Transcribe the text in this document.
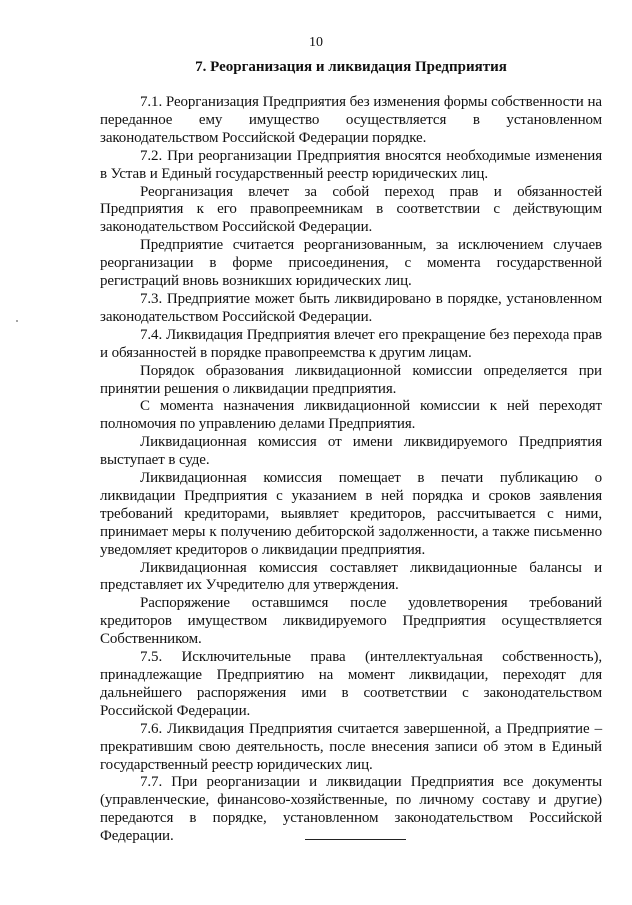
10
7. Реорганизация и ликвидация Предприятия

7.1. Реорганизация Предприятия без изменения формы собственности на переданное ему имущество осуществляется в установленном законодательством Российской Федерации порядке.

7.2. При реорганизации Предприятия вносятся необходимые изменения в Устав и Единый государственный реестр юридических лиц.

Реорганизация влечет за собой переход прав и обязанностей Предприятия к его правопреемникам в соответствии с действующим законодательством Российской Федерации.

Предприятие считается реорганизованным, за исключением случаев реорганизации в форме присоединения, с момента государственной регистраций вновь возникших юридических лиц.

7.3. Предприятие может быть ликвидировано в порядке, установленном законодательством Российской Федерации.

7.4. Ликвидация Предприятия влечет его прекращение без перехода прав и обязанностей в порядке правопреемства к другим лицам.

Порядок образования ликвидационной комиссии определяется при принятии решения о ликвидации предприятия.

С момента назначения ликвидационной комиссии к ней переходят полномочия по управлению делами Предприятия.

Ликвидационная комиссия от имени ликвидируемого Предприятия выступает в суде.

Ликвидационная комиссия помещает в печати публикацию о ликвидации Предприятия с указанием в ней порядка и сроков заявления требований кредиторами, выявляет кредиторов, рассчитывается с ними, принимает меры к получению дебиторской задолженности, а также письменно уведомляет кредиторов о ликвидации предприятия.

Ликвидационная комиссия составляет ликвидационные балансы и представляет их Учредителю для утверждения.

Распоряжение оставшимся после удовлетворения требований кредиторов имуществом ликвидируемого Предприятия осуществляется Собственником.

7.5. Исключительные права (интеллектуальная собственность), принадлежащие Предприятию на момент ликвидации, переходят для дальнейшего распоряжения ими в соответствии с законодательством Российской Федерации.

7.6. Ликвидация Предприятия считается завершенной, а Предприятие – прекратившим свою деятельность, после внесения записи об этом в Единый государственный реестр юридических лиц.

7.7. При реорганизации и ликвидации Предприятия все документы (управленческие, финансово-хозяйственные, по личному составу и другие) передаются в порядке, установленном законодательством Российской Федерации.
